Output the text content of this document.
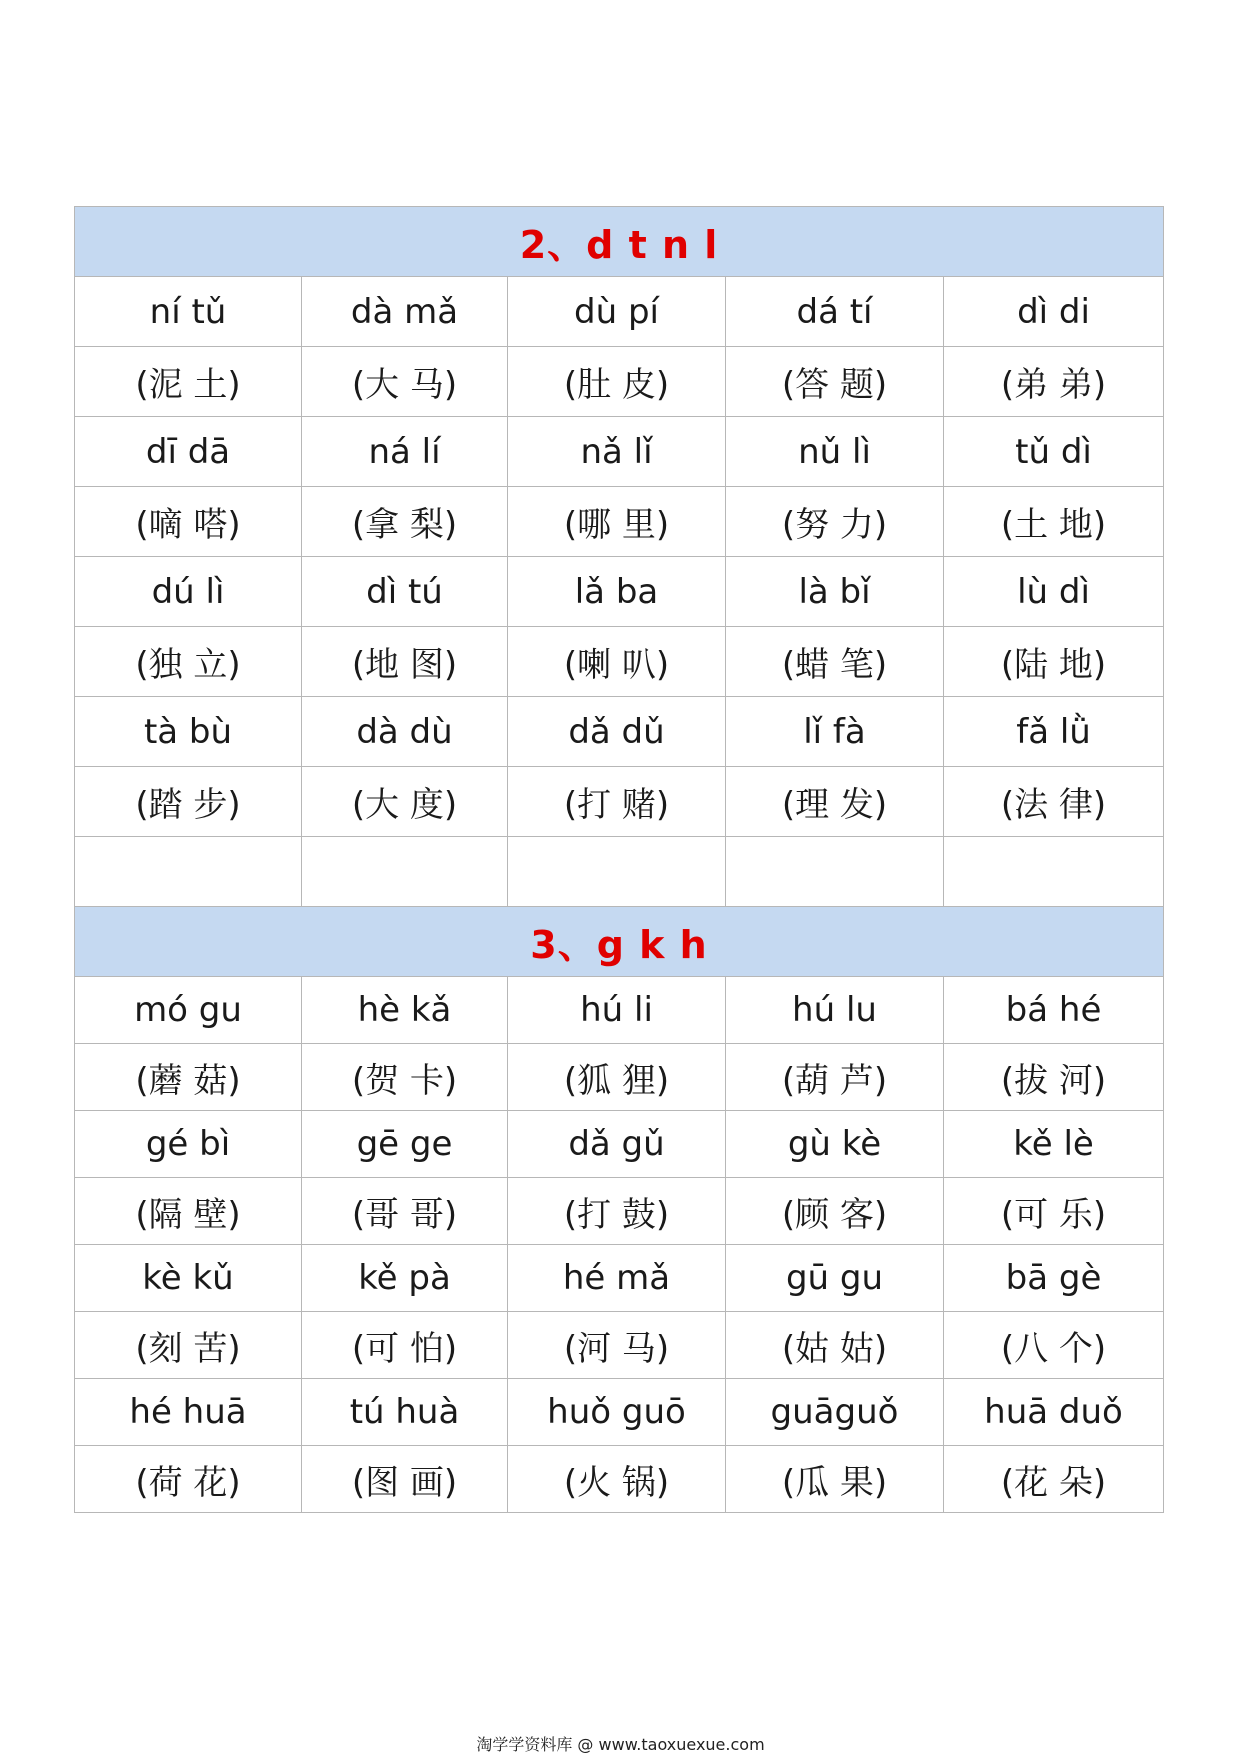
2、d t n l				
ní tǔ	dà mǎ	dù pí	dá tí	dì di
(泥 土)	(大 马)	(肚 皮)	(答 题)	(弟 弟)
dī dā	ná lí	nǎ lǐ	nǔ lì	tǔ dì
(嘀 嗒)	(拿 梨)	(哪 里)	(努 力)	(土 地)
dú lì	dì tú	lǎ ba	là bǐ	lù dì
(独 立)	(地 图)	(喇 叭)	(蜡 笔)	(陆 地)
tà bù	dà dù	dǎ dǔ	lǐ fà	fǎ lǜ
(踏 步)	(大 度)	(打 赌)	(理 发)	(法 律)

3、g k h				
mó gu	hè kǎ	hú li	hú lu	bá hé
(蘑 菇)	(贺 卡)	(狐 狸)	(葫 芦)	(拔 河)
gé bì	gē ge	dǎ gǔ	gù kè	kě lè
(隔 壁)	(哥 哥)	(打 鼓)	(顾 客)	(可 乐)
kè kǔ	kě pà	hé mǎ	gū gu	bā gè
(刻 苦)	(可 怕)	(河 马)	(姑 姑)	(八 个)
hé huā	tú huà	huǒ guō	guāguǒ	huā duǒ
(荷 花)	(图 画)	(火 锅)	(瓜 果)	(花 朵)
淘学学资料库 @ www.taoxuexue.com
